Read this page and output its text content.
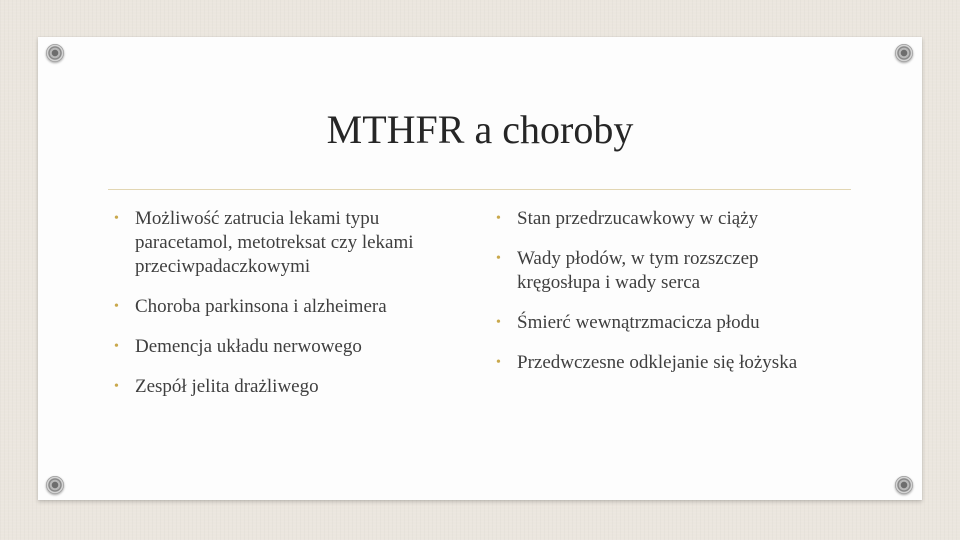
MTHFR a choroby
• Możliwość zatrucia lekami typu paracetamol, metotreksat czy lekami przeciwpadaczkowymi
• Choroba parkinsona i alzheimera
• Demencja układu nerwowego
• Zespół jelita drażliwego
• Stan przedrzucawkowy w ciąży
• Wady płodów, w tym rozszczep kręgosłupa i wady serca
• Śmierć wewnątrzmacicza płodu
• Przedwczesne odklejanie się łożyska
